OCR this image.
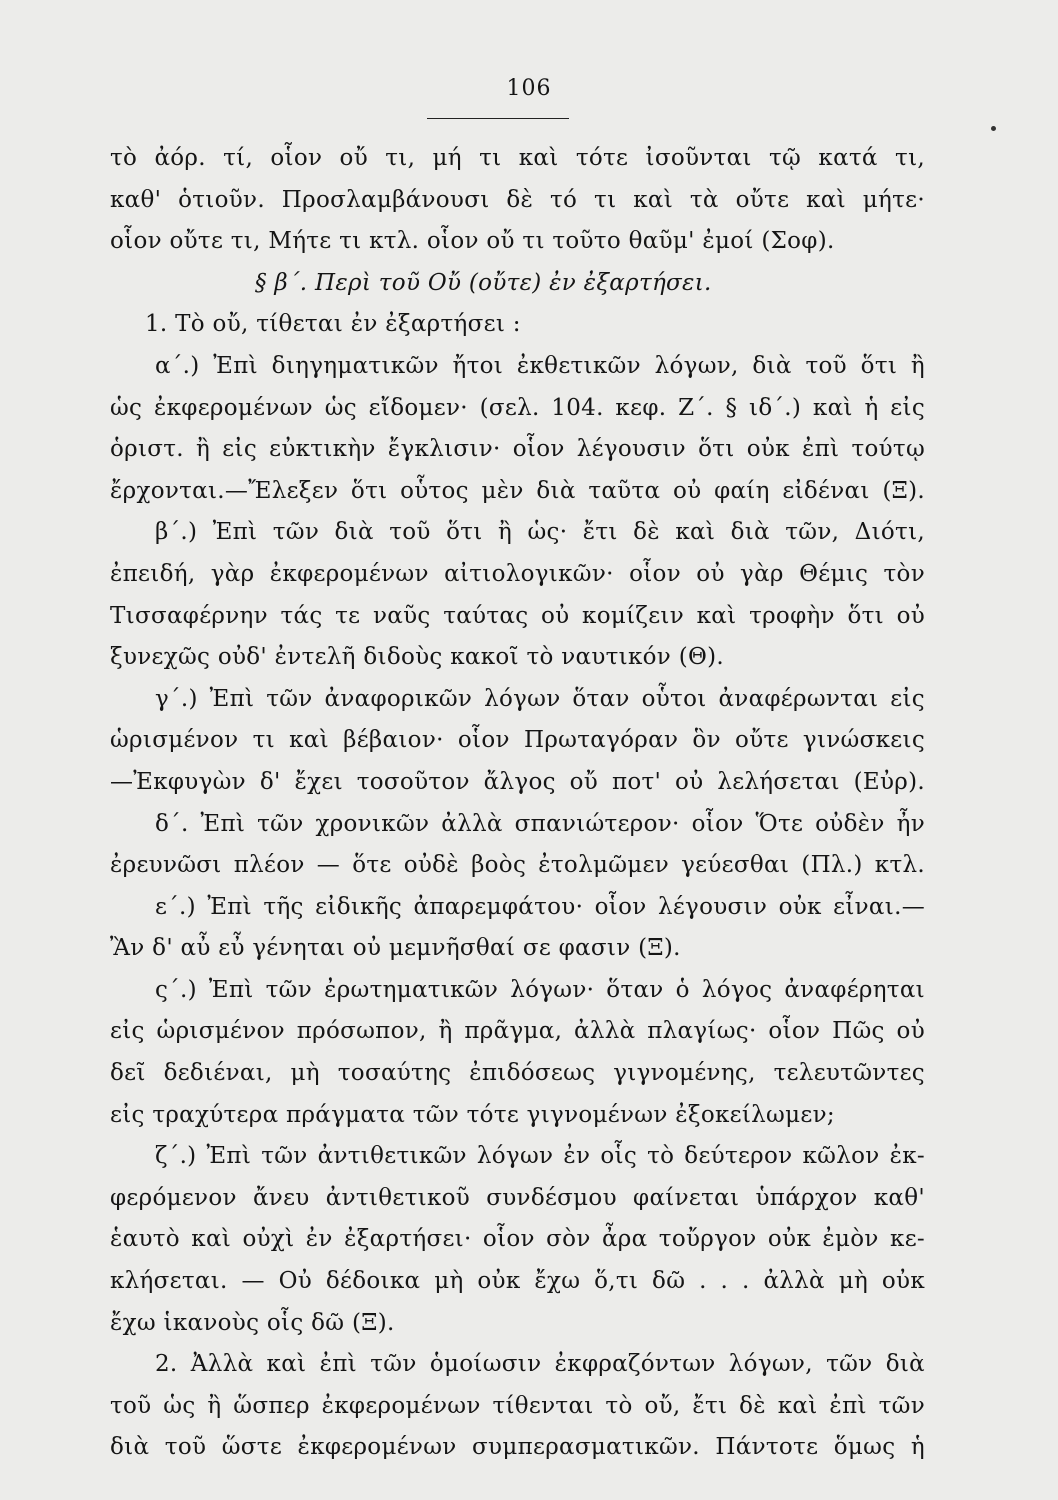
106
τὸ ἀόρ. τί, οἷον οὔ τι, μή τι καὶ τότε ἰσοῦνται τῷ κατά τι,
καθ' ὁτιοῦν. Προσλαμβάνουσι δὲ τό τι καὶ τὰ οὔτε καὶ μήτε·
οἷον οὔτε τι, Μήτε τι κτλ. οἷον οὔ τι τοῦτο θαῦμ' ἐμοί (Σοφ).
§ β΄. Περὶ τοῦ Οὔ (οὔτε) ἐν ἐξαρτήσει.
1. Τὸ οὔ, τίθεται ἐν ἐξαρτήσει :
α΄.) Ἐπὶ διηγηματικῶν ἤτοι ἐκθετικῶν λόγων, διὰ τοῦ ὅτι ἢ
ὡς ἐκφερομένων ὡς εἴδομεν· (σελ. 104. κεφ. Ζ΄. § ιδ΄.) καὶ ἡ εἰς
ὁριστ. ἢ εἰς εὐκτικὴν ἔγκλισιν· οἷον λέγουσιν ὅτι οὐκ ἐπὶ τούτῳ
ἔρχονται.—Ἔλεξεν ὅτι οὗτος μὲν διὰ ταῦτα οὐ φαίη εἰδέναι (Ξ).
β΄.) Ἐπὶ τῶν διὰ τοῦ ὅτι ἢ ὡς· ἔτι δὲ καὶ διὰ τῶν, Διότι,
ἐπειδή, γὰρ ἐκφερομένων αἰτιολογικῶν· οἷον οὐ γὰρ Θέμις τὸν
Τισσαφέρνην τάς τε ναῦς ταύτας οὐ κομίζειν καὶ τροφὴν ὅτι οὐ
ξυνεχῶς οὐδ' ἐντελῆ διδοὺς κακοῖ τὸ ναυτικόν (Θ).
γ΄.) Ἐπὶ τῶν ἀναφορικῶν λόγων ὅταν οὗτοι ἀναφέρωνται εἰς
ὡρισμένον τι καὶ βέβαιον· οἷον Πρωταγόραν ὃν οὔτε γινώσκεις
—Ἐκφυγὼν δ' ἔχει τοσοῦτον ἄλγος οὔ ποτ' οὐ λελήσεται (Εὐρ).
δ΄. Ἐπὶ τῶν χρονικῶν ἀλλὰ σπανιώτερον· οἷον Ὅτε οὐδὲν ἦν
ἐρευνῶσι πλέον — ὅτε οὐδὲ βοὸς ἐτολμῶμεν γεύεσθαι (Πλ.) κτλ.
ε΄.) Ἐπὶ τῆς εἰδικῆς ἀπαρεμφάτου· οἷον λέγουσιν οὐκ εἶναι.—
Ἂν δ' αὖ εὖ γένηται οὐ μεμνῆσθαί σε φασιν (Ξ).
ς΄.) Ἐπὶ τῶν ἐρωτηματικῶν λόγων· ὅταν ὁ λόγος ἀναφέρηται
εἰς ὡρισμένον πρόσωπον, ἢ πρᾶγμα, ἀλλὰ πλαγίως· οἷον Πῶς οὐ
δεῖ δεδιέναι, μὴ τοσαύτης ἐπιδόσεως γιγνομένης, τελευτῶντες
εἰς τραχύτερα πράγματα τῶν τότε γιγνομένων ἐξοκείλωμεν;
ζ΄.) Ἐπὶ τῶν ἀντιθετικῶν λόγων ἐν οἷς τὸ δεύτερον κῶλον ἐκ-
φερόμενον ἄνευ ἀντιθετικοῦ συνδέσμου φαίνεται ὑπάρχον καθ'
ἑαυτὸ καὶ οὐχὶ ἐν ἐξαρτήσει· οἷον σὸν ἆρα τοὔργον οὐκ ἐμὸν κε-
κλήσεται. — Οὐ δέδοικα μὴ οὐκ ἔχω ὅ,τι δῶ . . . ἀλλὰ μὴ οὐκ
ἔχω ἱκανοὺς οἷς δῶ (Ξ).
2. Ἀλλὰ καὶ ἐπὶ τῶν ὁμοίωσιν ἐκφραζόντων λόγων, τῶν διὰ
τοῦ ὡς ἢ ὥσπερ ἐκφερομένων τίθενται τὸ οὔ, ἔτι δὲ καὶ ἐπὶ τῶν
διὰ τοῦ ὥστε ἐκφερομένων συμπερασματικῶν. Πάντοτε ὅμως ἡ
